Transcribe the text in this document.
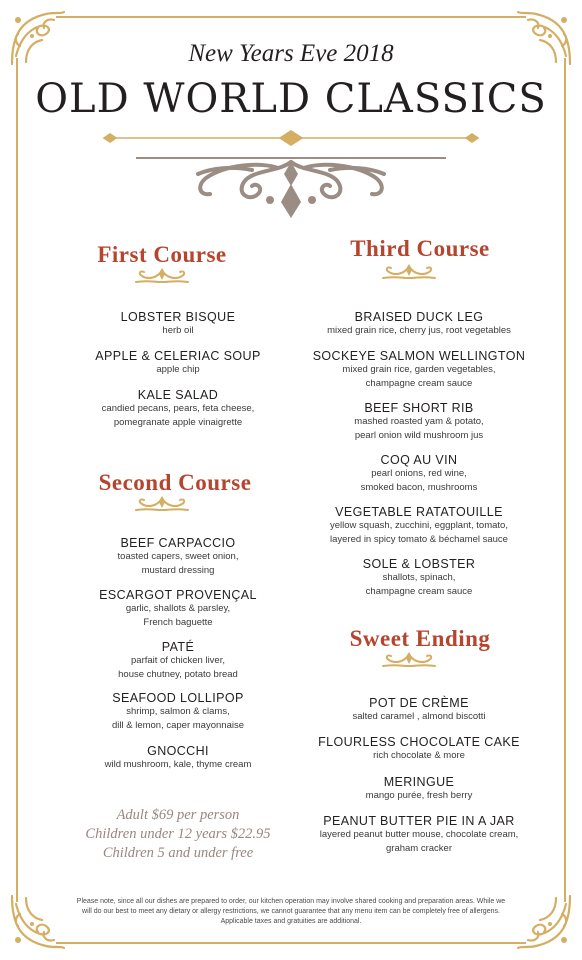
New Years Eve 2018
OLD WORLD CLASSICS
First Course
LOBSTER BISQUE
herb oil
APPLE & CELERIAC SOUP
apple chip
KALE SALAD
candied pecans, pears, feta cheese,
pomegranate apple vinaigrette
Second Course
BEEF CARPACCIO
toasted capers, sweet onion,
mustard dressing
ESCARGOT PROVENÇAL
garlic, shallots & parsley,
French baguette
PATÉ
parfait of chicken liver,
house chutney, potato bread
SEAFOOD LOLLIPOP
shrimp, salmon & clams,
dill & lemon, caper mayonnaise
GNOCCHI
wild mushroom, kale, thyme cream
Adult $69 per person
Children under 12 years $22.95
Children 5 and under free
Third Course
BRAISED DUCK LEG
mixed grain rice, cherry jus, root vegetables
SOCKEYE SALMON WELLINGTON
mixed grain rice, garden vegetables,
champagne cream sauce
BEEF SHORT RIB
mashed roasted yam & potato,
pearl onion wild mushroom jus
COQ AU VIN
pearl onions, red wine,
smoked bacon, mushrooms
VEGETABLE RATATOUILLE
yellow squash, zucchini, eggplant, tomato,
layered in spicy tomato & béchamel sauce
SOLE & LOBSTER
shallots, spinach,
champagne cream sauce
Sweet Ending
POT DE CRÈME
salted caramel , almond biscotti
FLOURLESS CHOCOLATE CAKE
rich chocolate & more
MERINGUE
mango purée, fresh berry
PEANUT BUTTER PIE IN A JAR
layered peanut butter mouse, chocolate cream,
graham cracker
Please note, since all our dishes are prepared to order, our kitchen operation may involve shared cooking and preparation areas. While we
will do our best to meet any dietary or allergy restrictions, we cannot guarantee that any menu item can be completely free of allergens.
Applicable taxes and gratuities are additional.
